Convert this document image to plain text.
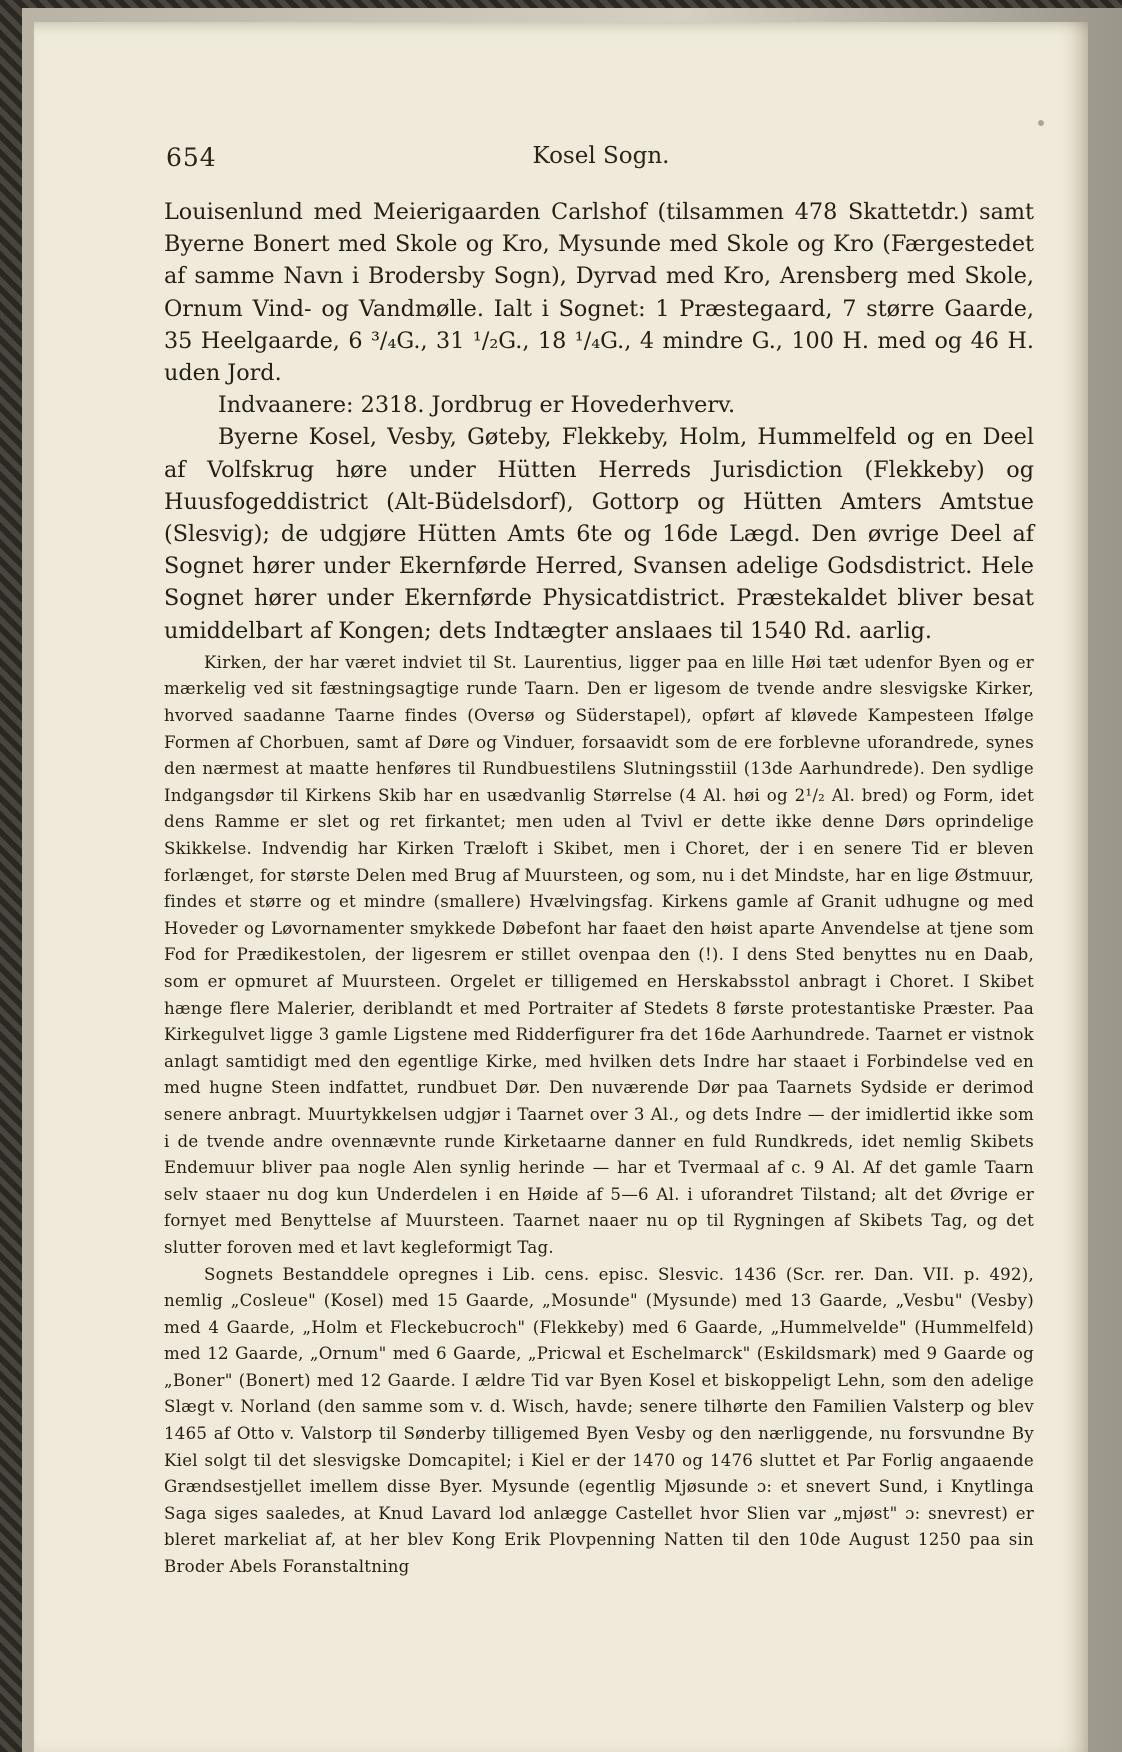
654	Kosel Sogn.

Louisenlund med Meierigaarden Carlshof (tilsammen 478 Skattetdr.) samt Byerne Bonert med Skole og Kro, Mysunde med Skole og Kro (Færgestedet af samme Navn i Brodersby Sogn), Dyrvad med Kro, Arensberg med Skole, Ornum Vind- og Vandmølle. Ialt i Sognet: 1 Præstegaard, 7 større Gaarde, 35 Heelgaarde, 6 ³/₄G., 31 ¹/₂G., 18 ¹/₄G., 4 mindre G., 100 H. med og 46 H. uden Jord.

Indvaanere: 2318. Jordbrug er Hovederhverv.

Byerne Kosel, Vesby, Gøteby, Flekkeby, Holm, Hummelfeld og en Deel af Volfskrug høre under Hütten Herreds Jurisdiction (Flekkeby) og Huusfogeddistrict (Alt-Büdelsdorf), Gottorp og Hütten Amters Amtstue (Slesvig); de udgjøre Hütten Amts 6te og 16de Lægd. Den øvrige Deel af Sognet hører under Ekernførde Herred, Svansen adelige Godsdistrict. Hele Sognet hører under Ekernførde Physicatdistrict. Præstekaldet bliver besat umiddelbart af Kongen; dets Indtægter anslaaes til 1540 Rd. aarlig.

Kirken, der har været indviet til St. Laurentius, ligger paa en lille Høi tæt udenfor Byen og er mærkelig ved sit fæstningsagtige runde Taarn. Den er ligesom de tvende andre slesvigske Kirker, hvorved saadanne Taarne findes (Oversø og Süderstapel), opført af kløvede Kampesteen Ifølge Formen af Chorbuen, samt af Døre og Vinduer, forsaavidt som de ere forblevne uforandrede, synes den nærmest at maatte henføres til Rundbuestilens Slutningsstiil (13de Aarhundrede). Den sydlige Indgangsdør til Kirkens Skib har en usædvanlig Størrelse (4 Al. høi og 2¹/₂ Al. bred) og Form, idet dens Ramme er slet og ret firkantet; men uden al Tvivl er dette ikke denne Dørs oprindelige Skikkelse. Indvendig har Kirken Træloft i Skibet, men i Choret, der i en senere Tid er bleven forlænget, for største Delen med Brug af Muursteen, og som, nu i det Mindste, har en lige Østmuur, findes et større og et mindre (smallere) Hvælvingsfag. Kirkens gamle af Granit udhugne og med Hoveder og Løvornamenter smykkede Døbefont har faaet den høist aparte Anvendelse at tjene som Fod for Prædikestolen, der ligesrem er stillet ovenpaa den (!). I dens Sted benyttes nu en Daab, som er opmuret af Muursteen. Orgelet er tilligemed en Herskabsstol anbragt i Choret. I Skibet hænge flere Malerier, deriblandt et med Portraiter af Stedets 8 første protestantiske Præster. Paa Kirkegulvet ligge 3 gamle Ligstene med Ridderfigurer fra det 16de Aarhundrede. Taarnet er vistnok anlagt samtidigt med den egentlige Kirke, med hvilken dets Indre har staaet i Forbindelse ved en med hugne Steen indfattet, rundbuet Dør. Den nuværende Dør paa Taarnets Sydside er derimod senere anbragt. Muurtykkelsen udgjør i Taarnet over 3 Al., og dets Indre — der imidlertid ikke som i de tvende andre ovennævnte runde Kirketaarne danner en fuld Rundkreds, idet nemlig Skibets Endemuur bliver paa nogle Alen synlig herinde — har et Tvermaal af c. 9 Al. Af det gamle Taarn selv staaer nu dog kun Underdelen i en Høide af 5—6 Al. i uforandret Tilstand; alt det Øvrige er fornyet med Benyttelse af Muursteen. Taarnet naaer nu op til Rygningen af Skibets Tag, og det slutter foroven med et lavt kegleformigt Tag.

Sognets Bestanddele opregnes i Lib. cens. episc. Slesvic. 1436 (Scr. rer. Dan. VII. p. 492), nemlig „Cosleue" (Kosel) med 15 Gaarde, „Mosunde" (Mysunde) med 13 Gaarde, „Vesbu" (Vesby) med 4 Gaarde, „Holm et Fleckebucroch" (Flekkeby) med 6 Gaarde, „Hummelvelde" (Hummelfeld) med 12 Gaarde, „Ornum" med 6 Gaarde, „Pricwal et Eschelmarck" (Eskildsmark) med 9 Gaarde og „Boner" (Bonert) med 12 Gaarde. I ældre Tid var Byen Kosel et biskoppeligt Lehn, som den adelige Slægt v. Norland (den samme som v. d. Wisch, havde; senere tilhørte den Familien Valsterp og blev 1465 af Otto v. Valstorp til Sønderby tilligemed Byen Vesby og den nærliggende, nu forsvundne By Kiel solgt til det slesvigske Domcapitel; i Kiel er der 1470 og 1476 sluttet et Par Forlig angaaende Grændsestjellet imellem disse Byer. Mysunde (egentlig Mjøsunde ɔ: et snevert Sund, i Knytlinga Saga siges saaledes, at Knud Lavard lod anlægge Castellet hvor Slien var „mjøst" ɔ: snevrest) er bleret markeliat af, at her blev Kong Erik Plovpenning Natten til den 10de August 1250 paa sin Broder Abels Foranstaltning
